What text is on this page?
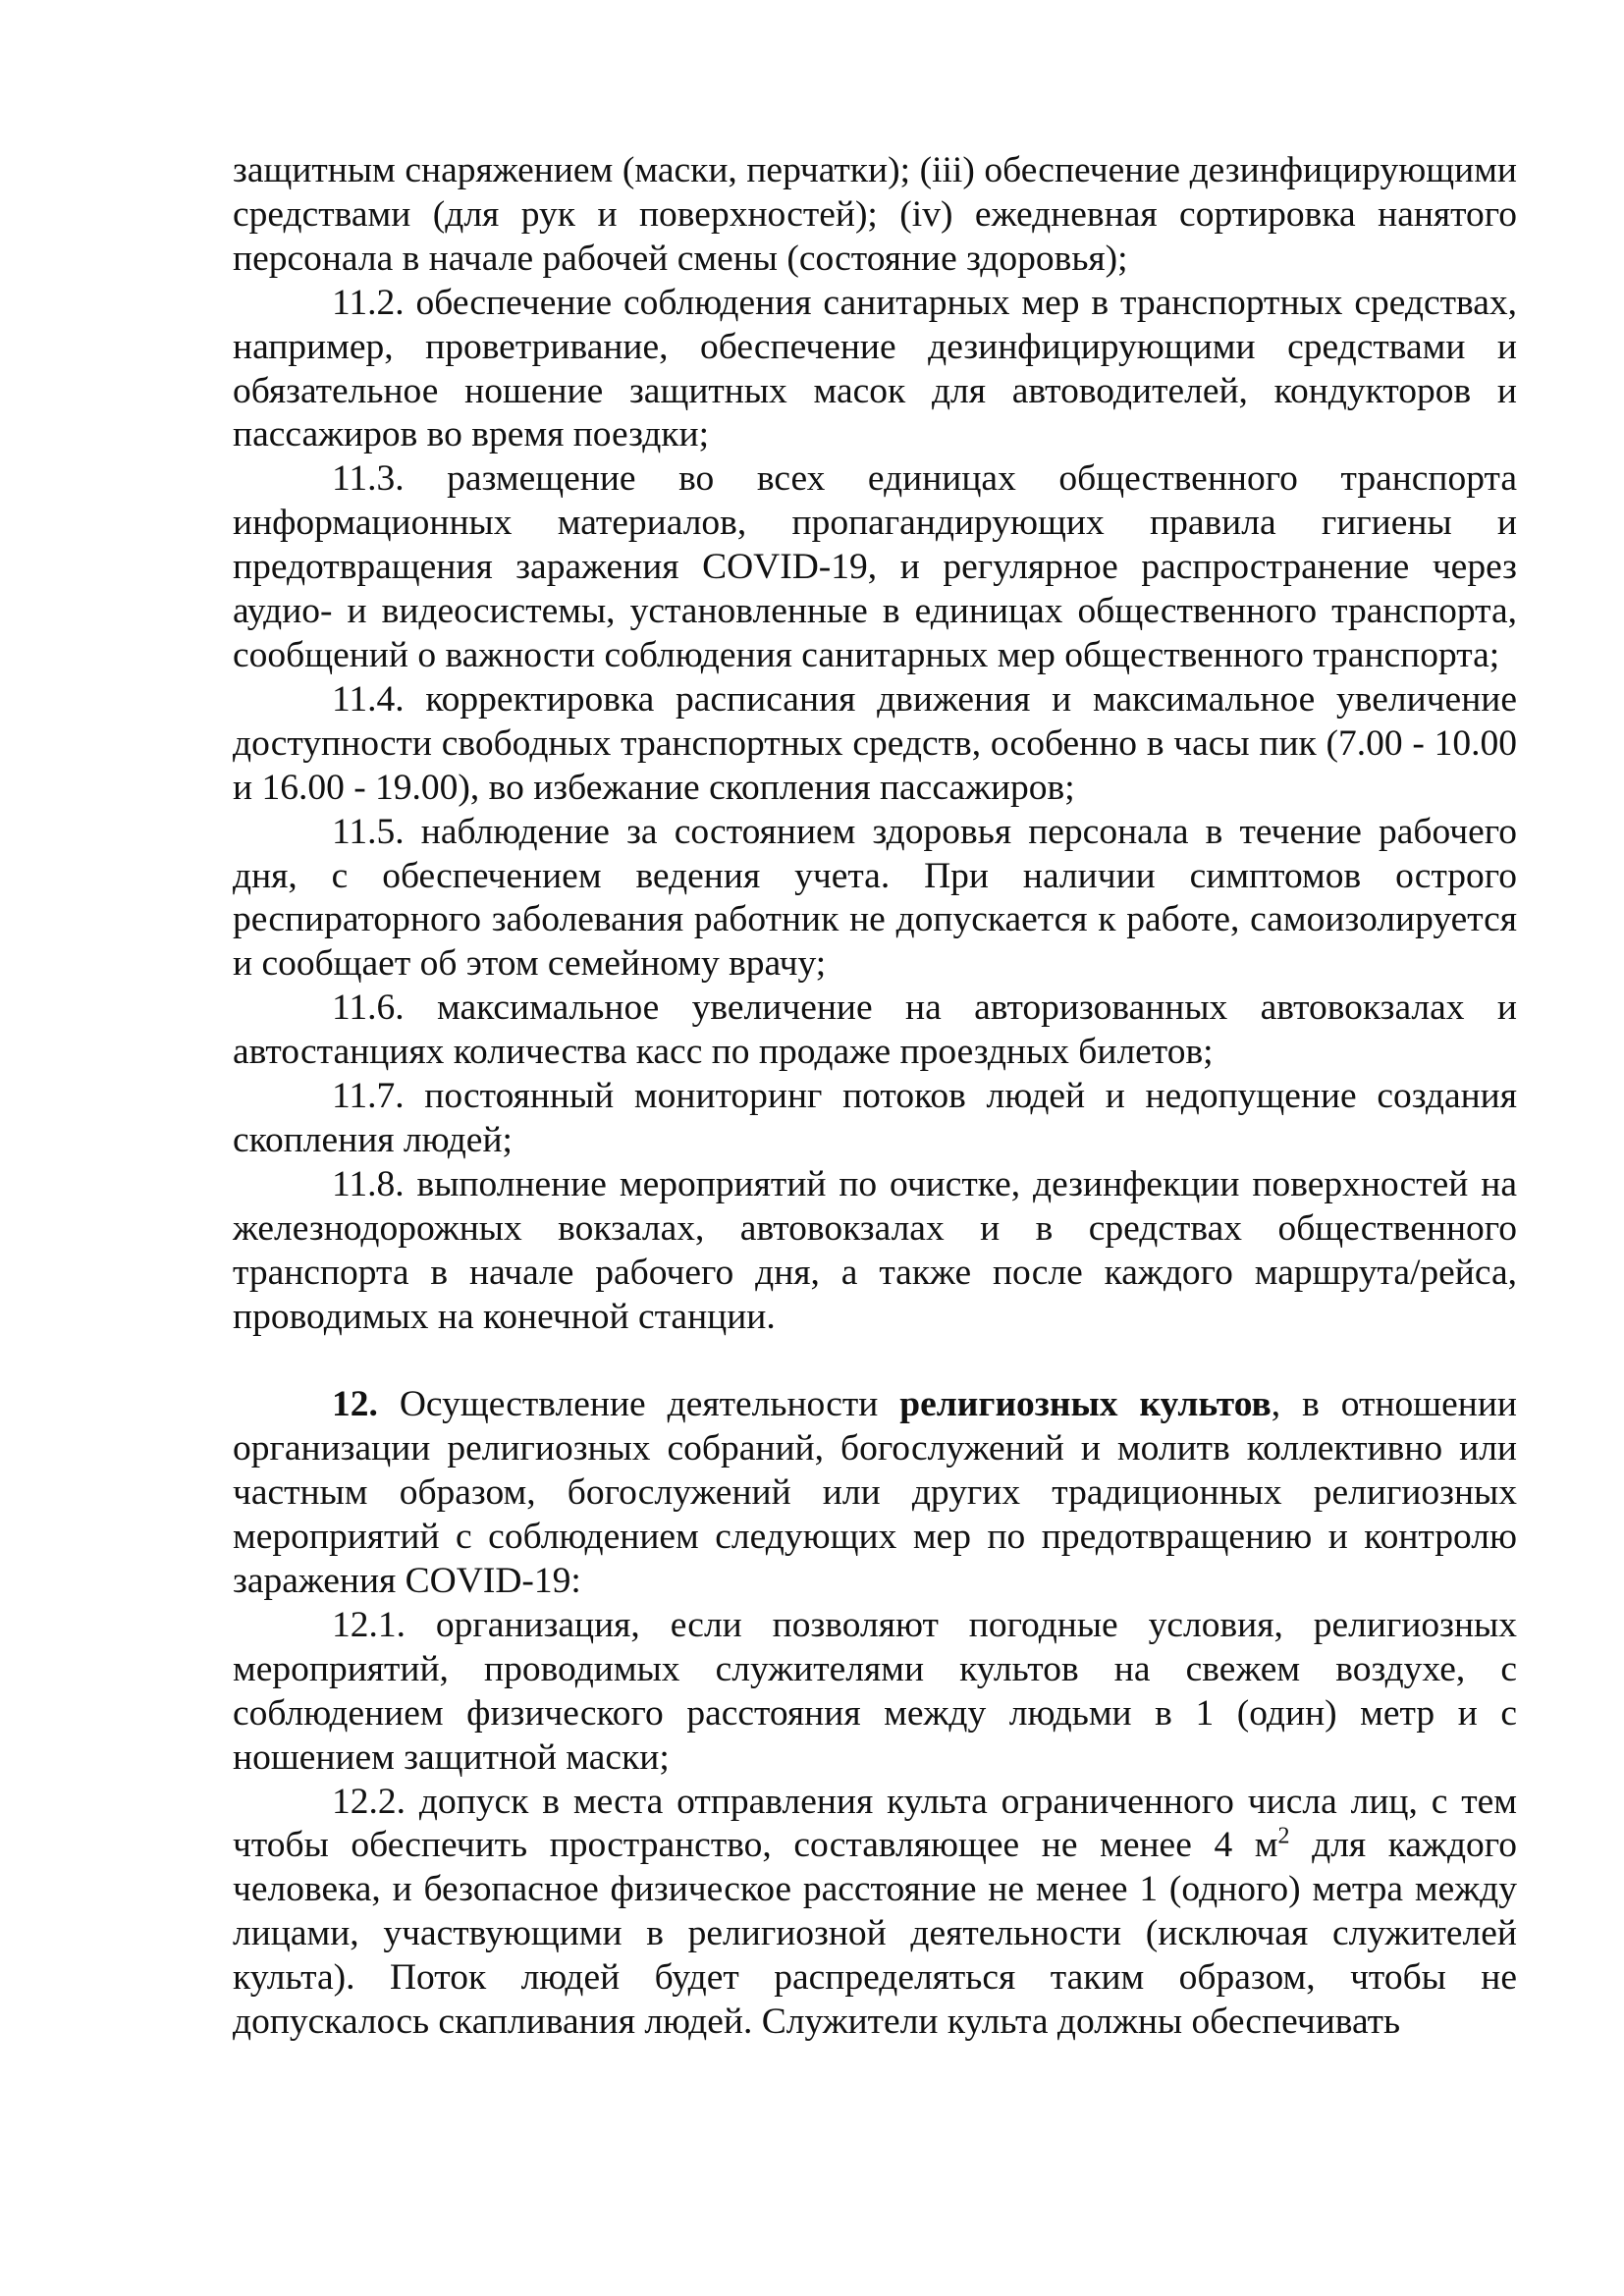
защитным снаряжением (маски, перчатки); (iii) обеспечение дезинфицирующими средствами (для рук и поверхностей); (iv) ежедневная сортировка нанятого персонала в начале рабочей смены (состояние здоровья);

11.2. обеспечение соблюдения санитарных мер в транспортных средствах, например, проветривание, обеспечение дезинфицирующими средствами и обязательное ношение защитных масок для автоводителей, кондукторов и пассажиров во время поездки;

11.3. размещение во всех единицах общественного транспорта информационных материалов, пропагандирующих правила гигиены и предотвращения заражения COVID-19, и регулярное распространение через аудио- и видеосистемы, установленные в единицах общественного транспорта, сообщений о важности соблюдения санитарных мер общественного транспорта;

11.4. корректировка расписания движения и максимальное увеличение доступности свободных транспортных средств, особенно в часы пик (7.00 - 10.00 и 16.00 - 19.00), во избежание скопления пассажиров;

11.5. наблюдение за состоянием здоровья персонала в течение рабочего дня, с обеспечением ведения учета. При наличии симптомов острого респираторного заболевания работник не допускается к работе, самоизолируется и сообщает об этом семейному врачу;

11.6. максимальное увеличение на авторизованных автовокзалах и автостанциях количества касс по продаже проездных билетов;

11.7. постоянный мониторинг потоков людей и недопущение создания скопления людей;

11.8. выполнение мероприятий по очистке, дезинфекции поверхностей на железнодорожных вокзалах, автовокзалах и в средствах общественного транспорта в начале рабочего дня, а также после каждого маршрута/рейса, проводимых на конечной станции.

12. Осуществление деятельности религиозных культов, в отношении организации религиозных собраний, богослужений и молитв коллективно или частным образом, богослужений или других традиционных религиозных мероприятий с соблюдением следующих мер по предотвращению и контролю заражения COVID-19:

12.1. организация, если позволяют погодные условия, религиозных мероприятий, проводимых служителями культов на свежем воздухе, с соблюдением физического расстояния между людьми в 1 (один) метр и с ношением защитной маски;

12.2. допуск в места отправления культа ограниченного числа лиц, с тем чтобы обеспечить пространство, составляющее не менее 4 $м^2$ для каждого человека, и безопасное физическое расстояние не менее 1 (одного) метра между лицами, участвующими в религиозной деятельности (исключая служителей культа). Поток людей будет распределяться таким образом, чтобы не допускалось скапливания людей. Служители культа должны обеспечивать
